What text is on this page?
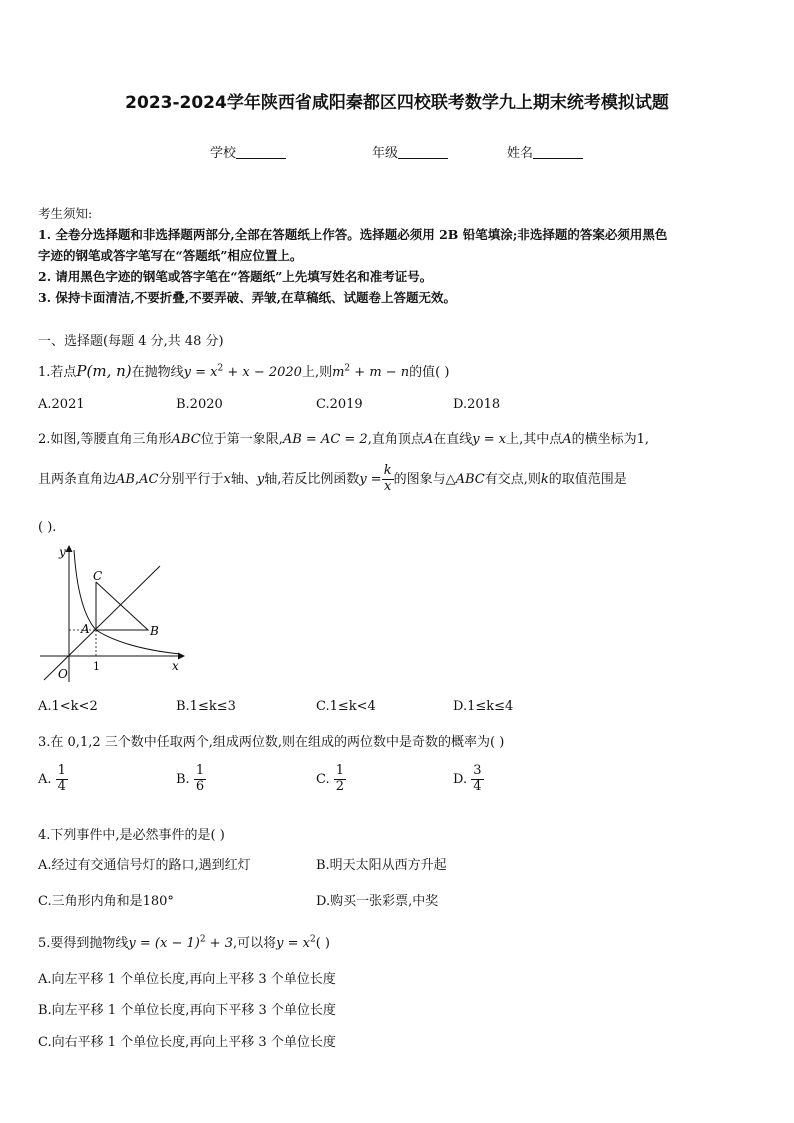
2023-2024学年陕西省咸阳秦都区四校联考数学九上期末统考模拟试题
学校	年级	姓名
考生须知:
1. 全卷分选择题和非选择题两部分,全部在答题纸上作答。选择题必须用 2B 铅笔填涂;非选择题的答案必须用黑色
字迹的钢笔或答字笔写在“答题纸”相应位置上。
2. 请用黑色字迹的钢笔或答字笔在“答题纸”上先填写姓名和准考证号。
3. 保持卡面清洁,不要折叠,不要弄破、弄皱,在草稿纸、试题卷上答题无效。
一、选择题(每题 4 分,共 48 分)
1.若点P(m, n)在抛物线$y = x^2 + x - 2020$上,则$m^2 + m - n$的值( )
A.2021	B.2020	C.2019	D.2018
2.如图,等腰直角三角形ABC位于第一象限,AB = AC = 2,直角顶点A在直线y = x上,其中点A的横坐标为1,
且两条直角边AB,AC分别平行于x轴、y轴,若反比例函数$y = \frac{k}{x}$ 的图象与△ABC有交点,则k的取值范围是
( ).
y
x
O
1
A	B
C
A.1<k<2	B.1≤k≤3	C.1≤k<4	D.1≤k≤4
3.在 0,1,2 三个数中任取两个,组成两位数,则在组成的两位数中是奇数的概率为( )
A. $\frac{1}{4}$	B. $\frac{1}{6}$	C. $\frac{1}{2}$	D. $\frac{3}{4}$
4.下列事件中,是必然事件的是( )
A.经过有交通信号灯的路口,遇到红灯	B.明天太阳从西方升起
C.三角形内角和是180°	D.购买一张彩票,中奖
5.要得到抛物线$y = (x - 1)^2 + 3$,可以将$y = x^2$( )
A.向左平移 1 个单位长度,再向上平移 3 个单位长度
B.向左平移 1 个单位长度,再向下平移 3 个单位长度
C.向右平移 1 个单位长度,再向上平移 3 个单位长度
